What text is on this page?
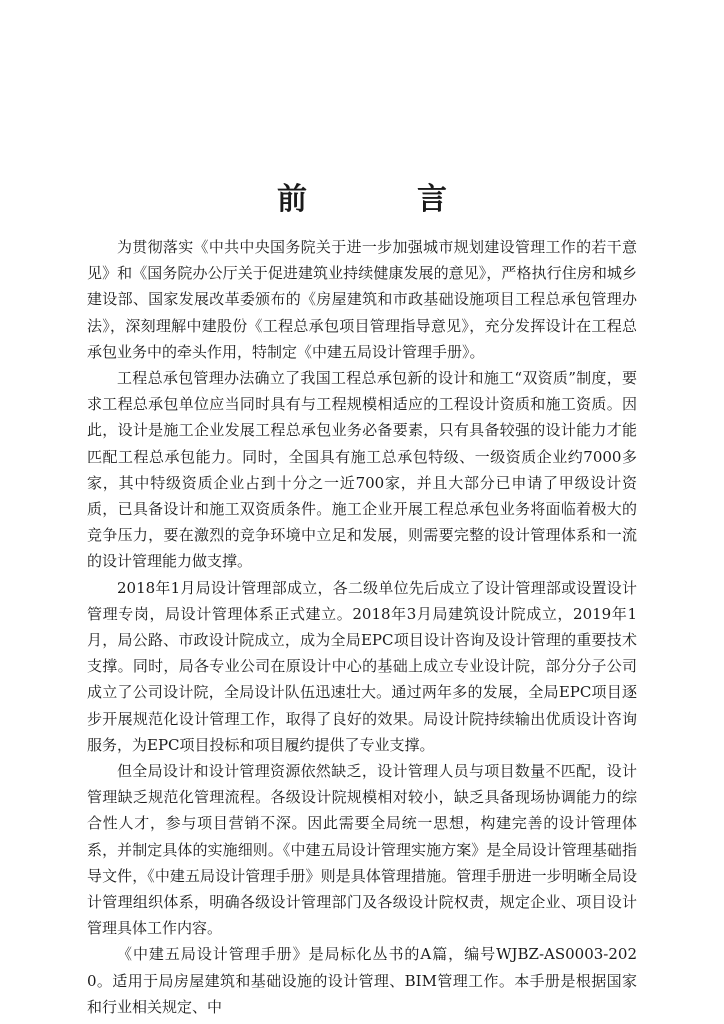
前　言

为贯彻落实《中共中央国务院关于进一步加强城市规划建设管理工作的若干意见》和《国务院办公厅关于促进建筑业持续健康发展的意见》，严格执行住房和城乡建设部、国家发展改革委颁布的《房屋建筑和市政基础设施项目工程总承包管理办法》，深刻理解中建股份《工程总承包项目管理指导意见》，充分发挥设计在工程总承包业务中的牵头作用，特制定《中建五局设计管理手册》。

工程总承包管理办法确立了我国工程总承包新的设计和施工“双资质”制度，要求工程总承包单位应当同时具有与工程规模相适应的工程设计资质和施工资质。因此，设计是施工企业发展工程总承包业务必备要素，只有具备较强的设计能力才能匹配工程总承包能力。同时，全国具有施工总承包特级、一级资质企业约7000多家，其中特级资质企业占到十分之一近700家，并且大部分已申请了甲级设计资质，已具备设计和施工双资质条件。施工企业开展工程总承包业务将面临着极大的竞争压力，要在激烈的竞争环境中立足和发展，则需要完整的设计管理体系和一流的设计管理能力做支撑。

2018年1月局设计管理部成立，各二级单位先后成立了设计管理部或设置设计管理专岗，局设计管理体系正式建立。2018年3月局建筑设计院成立，2019年1月，局公路、市政设计院成立，成为全局EPC项目设计咨询及设计管理的重要技术支撑。同时，局各专业公司在原设计中心的基础上成立专业设计院，部分分子公司成立了公司设计院，全局设计队伍迅速壮大。通过两年多的发展，全局EPC项目逐步开展规范化设计管理工作，取得了良好的效果。局设计院持续输出优质设计咨询服务，为EPC项目投标和项目履约提供了专业支撑。

但全局设计和设计管理资源依然缺乏，设计管理人员与项目数量不匹配，设计管理缺乏规范化管理流程。各级设计院规模相对较小，缺乏具备现场协调能力的综合性人才，参与项目营销不深。因此需要全局统一思想，构建完善的设计管理体系，并制定具体的实施细则。《中建五局设计管理实施方案》是全局设计管理基础指导文件，《中建五局设计管理手册》则是具体管理措施。管理手册进一步明晰全局设计管理组织体系，明确各级设计管理部门及各级设计院权责，规定企业、项目设计管理具体工作内容。

《中建五局设计管理手册》是局标化丛书的A篇，编号WJBZ-AS0003-2020。适用于局房屋建筑和基础设施的设计管理、BIM管理工作。本手册是根据国家和行业相关规定、中
